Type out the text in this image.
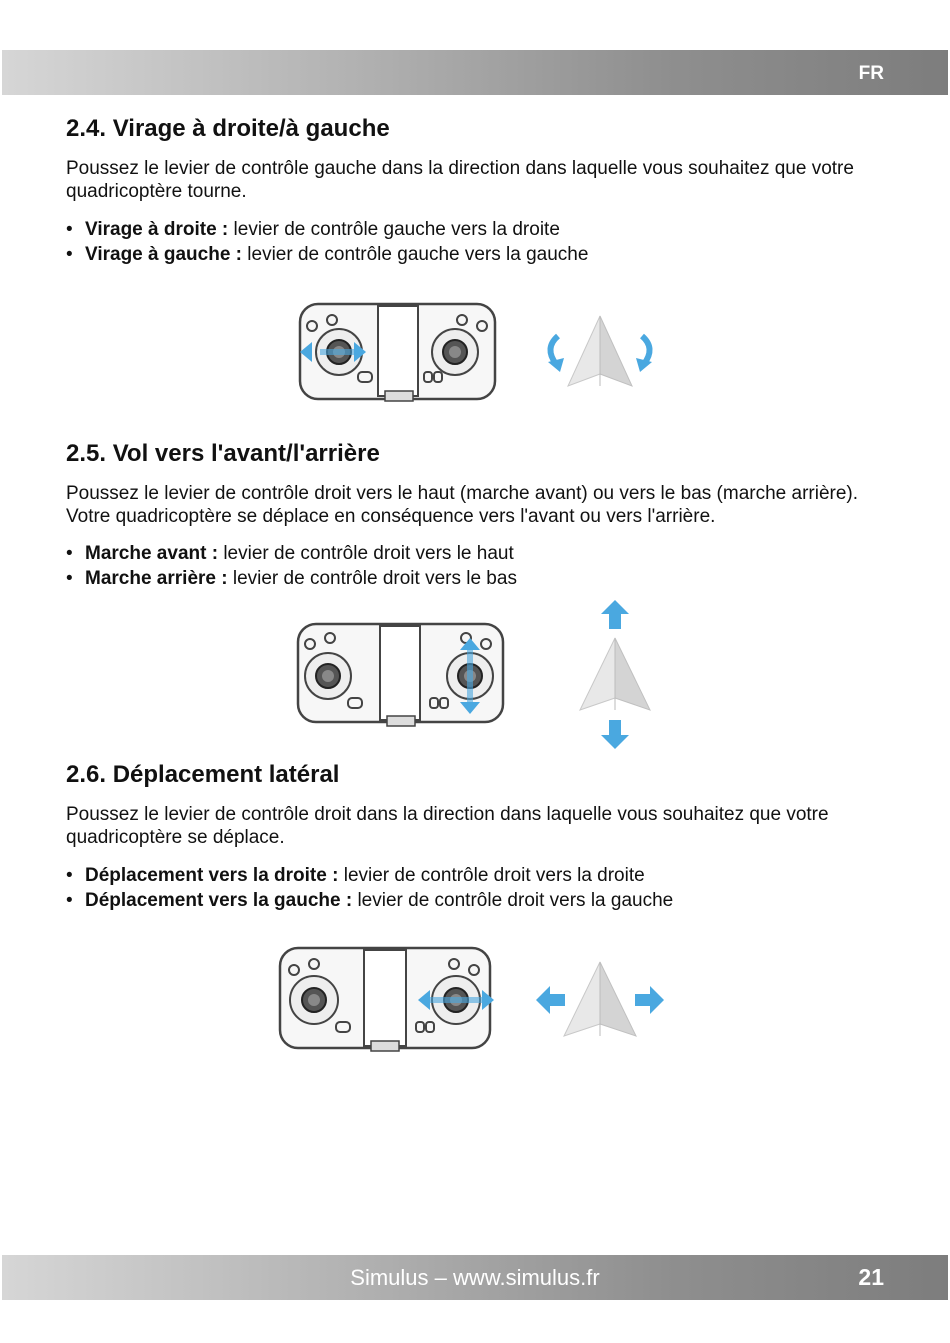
FR
2.4. Virage à droite/à gauche

Poussez le levier de contrôle gauche dans la direction dans laquelle vous souhaitez que votre quadricoptère tourne.

• Virage à droite : levier de contrôle gauche vers la droite
• Virage à gauche : levier de contrôle gauche vers la gauche
2.5. Vol vers l'avant/l'arrière

Poussez le levier de contrôle droit vers le haut (marche avant) ou vers le bas (marche arrière). Votre quadricoptère se déplace en conséquence vers l'avant ou vers l'arrière.

• Marche avant : levier de contrôle droit vers le haut
• Marche arrière : levier de contrôle droit vers le bas
2.6. Déplacement latéral

Poussez le levier de contrôle droit dans la direction dans laquelle vous souhaitez que votre quadricoptère se déplace.

• Déplacement vers la droite : levier de contrôle droit vers la droite
• Déplacement vers la gauche : levier de contrôle droit vers la gauche
Simulus – www.simulus.fr	21
